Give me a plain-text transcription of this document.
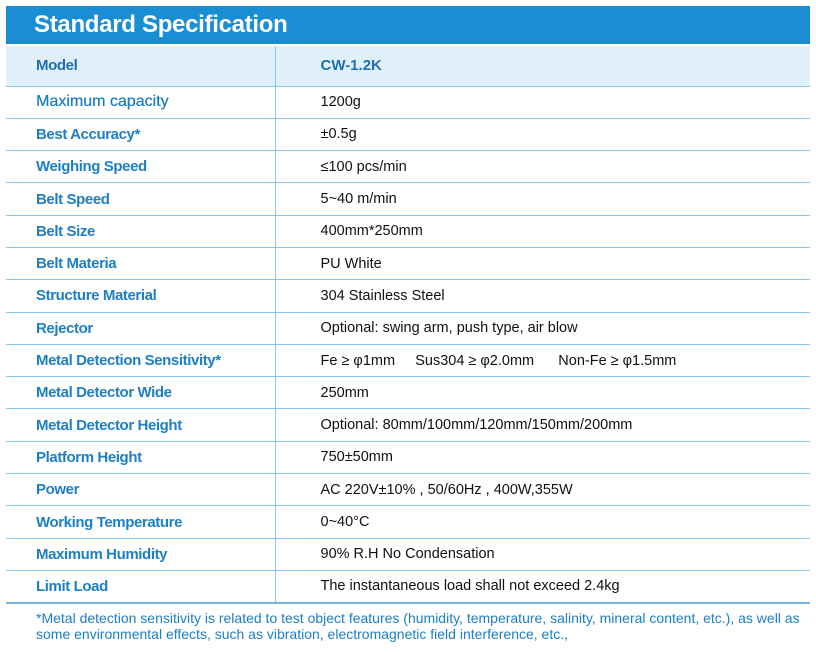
Standard Specification
Model	CW-1.2K
Maximum capacity	1200g
Best Accuracy*	±0.5g
Weighing Speed	≤100 pcs/min
Belt Speed	5~40 m/min
Belt Size	400mm*250mm
Belt Materia	PU White
Structure Material	304 Stainless Steel
Rejector	Optional: swing arm, push type, air blow
Metal Detection Sensitivity*	Fe ≥ φ1mm     Sus304 ≥ φ2.0mm      Non-Fe ≥ φ1.5mm
Metal Detector Wide	250mm
Metal Detector Height	Optional: 80mm/100mm/120mm/150mm/200mm
Platform Height	750±50mm
Power	AC 220V±10% , 50/60Hz , 400W,355W
Working Temperature	0~40°C
Maximum Humidity	90% R.H No Condensation
Limit Load	The instantaneous load shall not exceed 2.4kg
*Metal detection sensitivity is related to test object features (humidity, temperature, salinity, mineral content, etc.), as well as some environmental effects, such as vibration, electromagnetic field interference, etc.,
